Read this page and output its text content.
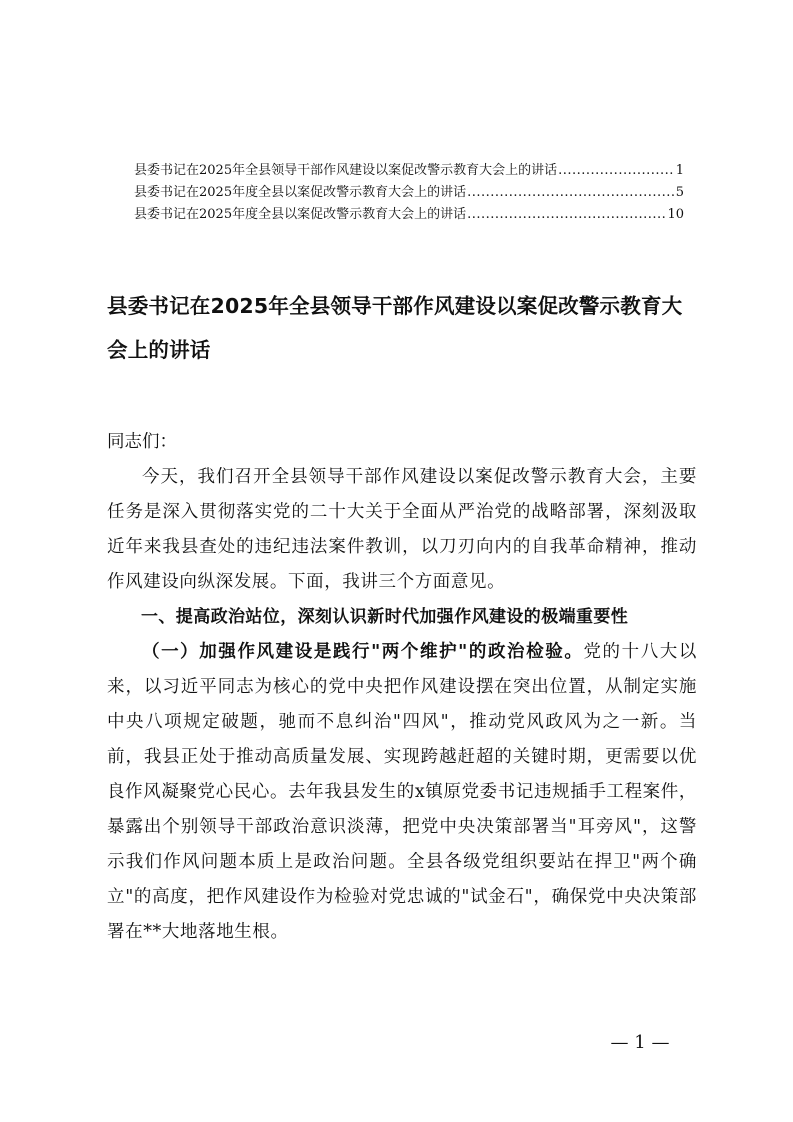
县委书记在2025年全县领导干部作风建设以案促改警示教育大会上的讲话 .....	1
县委书记在2025年度全县以案促改警示教育大会上的讲话 .....	5
县委书记在2025年度全县以案促改警示教育大会上的讲话 .....	10
县委书记在2025年全县领导干部作风建设以案促改警示教育大会上的讲话

同志们：

今天，我们召开全县领导干部作风建设以案促改警示教育大会，主要任务是深入贯彻落实党的二十大关于全面从严治党的战略部署，深刻汲取近年来我县查处的违纪违法案件教训，以刀刃向内的自我革命精神，推动作风建设向纵深发展。下面，我讲三个方面意见。

一、提高政治站位，深刻认识新时代加强作风建设的极端重要性

（一）加强作风建设是践行"两个维护"的政治检验。党的十八大以来，以习近平同志为核心的党中央把作风建设摆在突出位置，从制定实施中央八项规定破题，驰而不息纠治"四风"，推动党风政风为之一新。当前，我县正处于推动高质量发展、实现跨越赶超的关键时期，更需要以优良作风凝聚党心民心。去年我县发生的x镇原党委书记违规插手工程案件，暴露出个别领导干部政治意识淡薄，把党中央决策部署当"耳旁风"，这警示我们作风问题本质上是政治问题。全县各级党组织要站在捍卫"两个确立"的高度，把作风建设作为检验对党忠诚的"试金石"，确保党中央决策部署在**大地落地生根。

— 1 —
